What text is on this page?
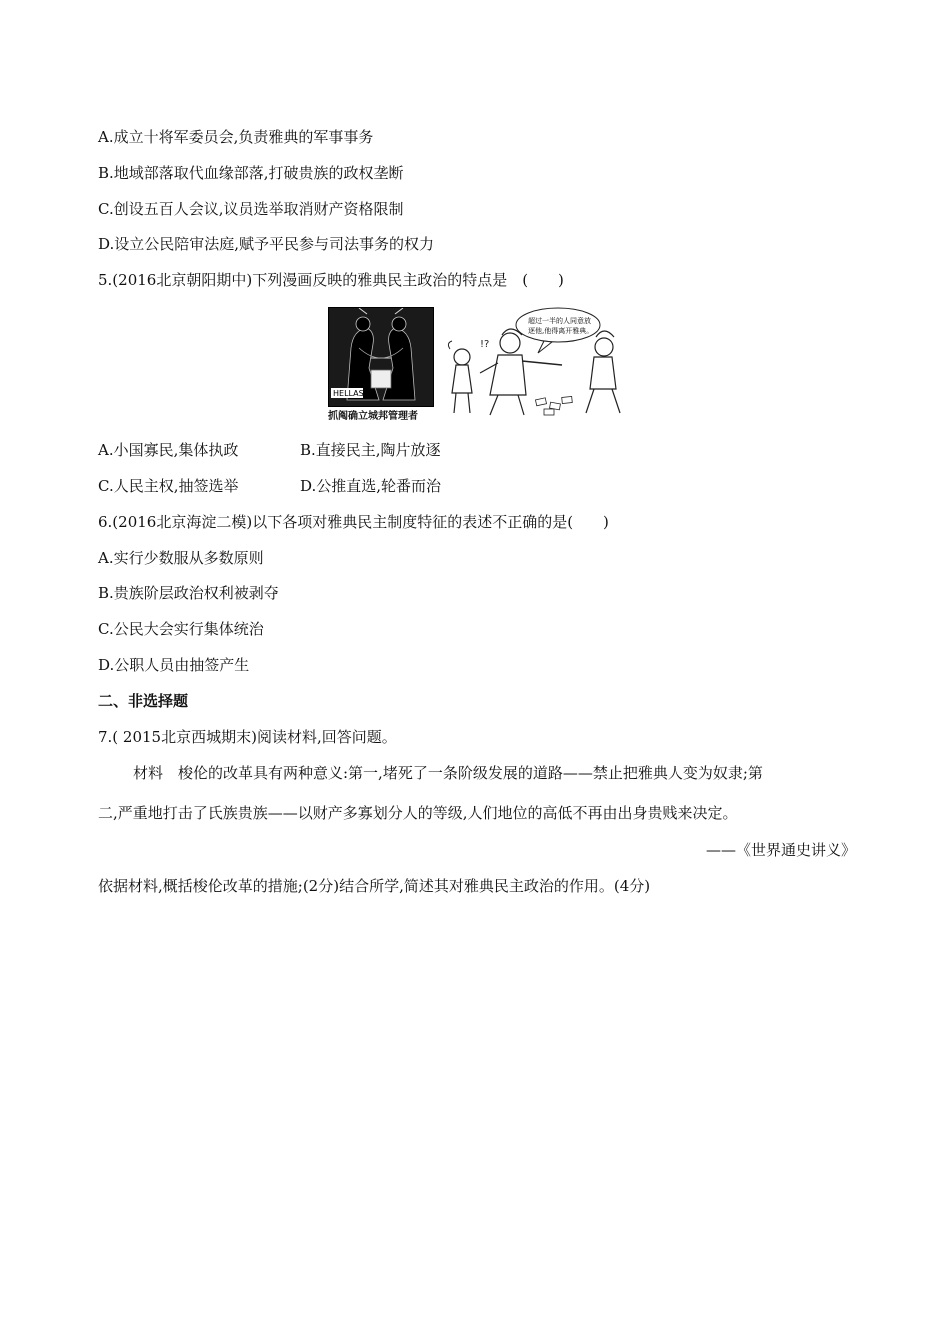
A.成立十将军委员会,负责雅典的军事事务
B.地域部落取代血缘部落,打破贵族的政权垄断
C.创设五百人会议,议员选举取消财产资格限制
D.设立公民陪审法庭,赋予平民参与司法事务的权力
5.(2016北京朝阳期中)下列漫画反映的雅典民主政治的特点是　(　　)
HELLAS
抓阄确立城邦管理者
超过一半的人同意放
逐他,他得离开雅典。
!?
A.小国寡民,集体执政	B.直接民主,陶片放逐
C.人民主权,抽签选举	D.公推直选,轮番而治
6.(2016北京海淀二模)以下各项对雅典民主制度特征的表述不正确的是(　　)
A.实行少数服从多数原则
B.贵族阶层政治权利被剥夺
C.公民大会实行集体统治
D.公职人员由抽签产生
二、非选择题
7.( 2015北京西城期末)阅读材料,回答问题。
材料　梭伦的改革具有两种意义:第一,堵死了一条阶级发展的道路——禁止把雅典人变为奴隶;第
二,严重地打击了氏族贵族——以财产多寡划分人的等级,人们地位的高低不再由出身贵贱来决定。
——《世界通史讲义》
依据材料,概括梭伦改革的措施;(2分)结合所学,简述其对雅典民主政治的作用。(4分)
